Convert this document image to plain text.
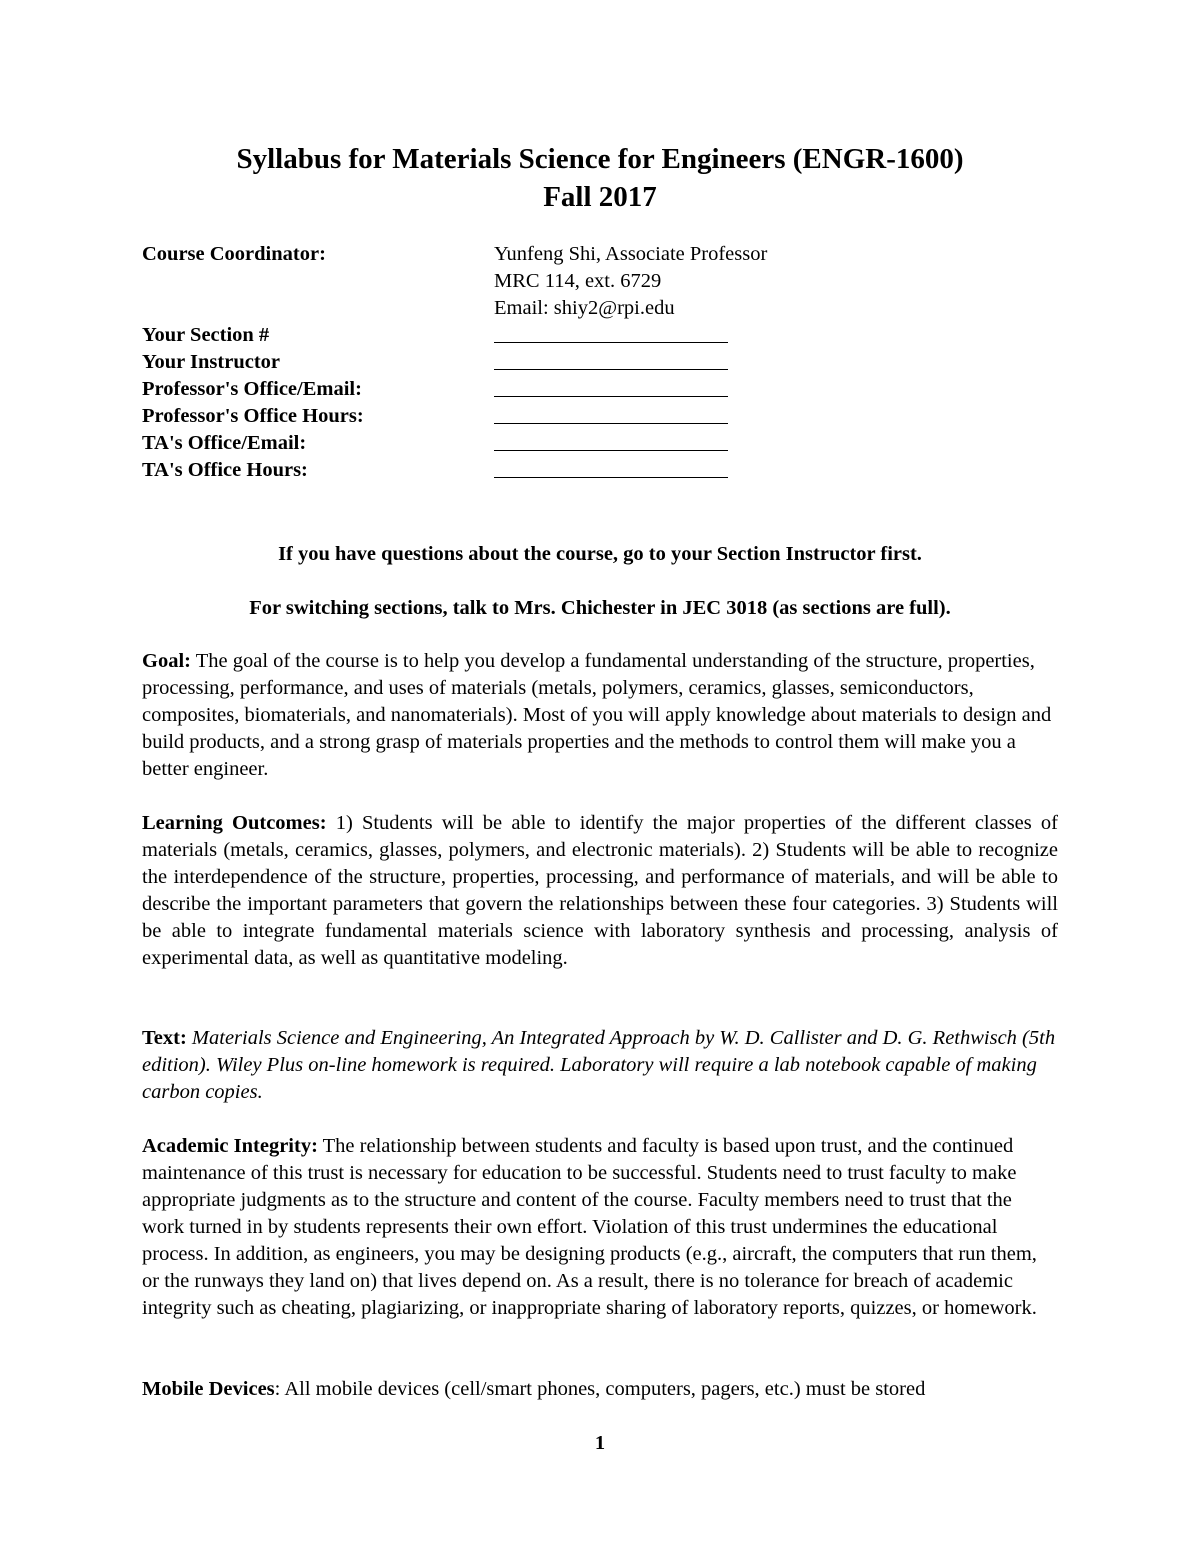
Syllabus for Materials Science for Engineers (ENGR-1600)
Fall 2017
Course Coordinator:	Yunfeng Shi, Associate Professor
MRC 114, ext. 6729
Email: shiy2@rpi.edu
Your Section #
Your Instructor
Professor's Office/Email:
Professor's Office Hours:
TA's Office/Email:
TA's Office Hours:
If you have questions about the course, go to your Section Instructor first.
For switching sections, talk to Mrs. Chichester in JEC 3018 (as sections are full).
Goal: The goal of the course is to help you develop a fundamental understanding of the structure, properties, processing, performance, and uses of materials (metals, polymers, ceramics, glasses, semiconductors, composites, biomaterials, and nanomaterials). Most of you will apply knowledge about materials to design and build products, and a strong grasp of materials properties and the methods to control them will make you a better engineer.
Learning Outcomes: 1) Students will be able to identify the major properties of the different classes of materials (metals, ceramics, glasses, polymers, and electronic materials). 2) Students will be able to recognize the interdependence of the structure, properties, processing, and performance of materials, and will be able to describe the important parameters that govern the relationships between these four categories. 3) Students will be able to integrate fundamental materials science with laboratory synthesis and processing, analysis of experimental data, as well as quantitative modeling.
Text: Materials Science and Engineering, An Integrated Approach by W. D. Callister and D. G. Rethwisch (5th edition). Wiley Plus on-line homework is required. Laboratory will require a lab notebook capable of making carbon copies.
Academic Integrity: The relationship between students and faculty is based upon trust, and the continued maintenance of this trust is necessary for education to be successful. Students need to trust faculty to make appropriate judgments as to the structure and content of the course. Faculty members need to trust that the work turned in by students represents their own effort. Violation of this trust undermines the educational process. In addition, as engineers, you may be designing products (e.g., aircraft, the computers that run them, or the runways they land on) that lives depend on. As a result, there is no tolerance for breach of academic integrity such as cheating, plagiarizing, or inappropriate sharing of laboratory reports, quizzes, or homework.
Mobile Devices: All mobile devices (cell/smart phones, computers, pagers, etc.) must be stored
1
